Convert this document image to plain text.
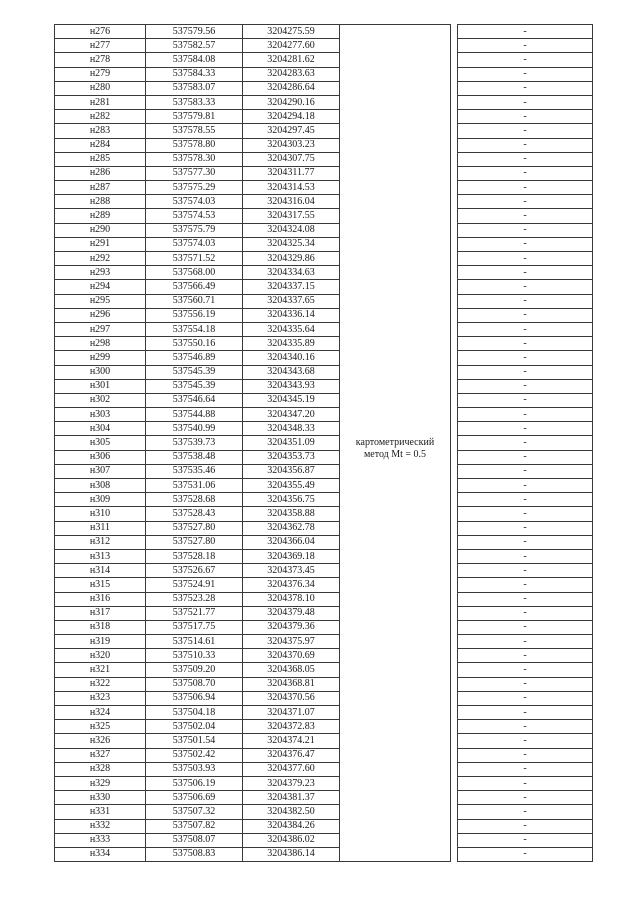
н276	537579.56	3204275.59			-
н277	537582.57	3204277.60			-
н278	537584.08	3204281.62			-
н279	537584.33	3204283.63			-
н280	537583.07	3204286.64			-
н281	537583.33	3204290.16			-
н282	537579.81	3204294.18			-
н283	537578.55	3204297.45			-
н284	537578.80	3204303.23			-
н285	537578.30	3204307.75			-
н286	537577.30	3204311.77			-
н287	537575.29	3204314.53			-
н288	537574.03	3204316.04			-
н289	537574.53	3204317.55			-
н290	537575.79	3204324.08			-
н291	537574.03	3204325.34			-
н292	537571.52	3204329.86			-
н293	537568.00	3204334.63			-
н294	537566.49	3204337.15			-
н295	537560.71	3204337.65			-
н296	537556.19	3204336.14			-
н297	537554.18	3204335.64			-
н298	537550.16	3204335.89			-
н299	537546.89	3204340.16			-
н300	537545.39	3204343.68			-
н301	537545.39	3204343.93			-
н302	537546.64	3204345.19			-
н303	537544.88	3204347.20			-
н304	537540.99	3204348.33			-
н305	537539.73	3204351.09	картометрический метод Mt = 0.5		-
н306	537538.48	3204353.73			-
н307	537535.46	3204356.87			-
н308	537531.06	3204355.49			-
н309	537528.68	3204356.75			-
н310	537528.43	3204358.88			-
н311	537527.80	3204362.78			-
н312	537527.80	3204366.04			-
н313	537528.18	3204369.18			-
н314	537526.67	3204373.45			-
н315	537524.91	3204376.34			-
н316	537523.28	3204378.10			-
н317	537521.77	3204379.48			-
н318	537517.75	3204379.36			-
н319	537514.61	3204375.97			-
н320	537510.33	3204370.69			-
н321	537509.20	3204368.05			-
н322	537508.70	3204368.81			-
н323	537506.94	3204370.56			-
н324	537504.18	3204371.07			-
н325	537502.04	3204372.83			-
н326	537501.54	3204374.21			-
н327	537502.42	3204376.47			-
н328	537503.93	3204377.60			-
н329	537506.19	3204379.23			-
н330	537506.69	3204381.37			-
н331	537507.32	3204382.50			-
н332	537507.82	3204384.26			-
н333	537508.07	3204386.02			-
н334	537508.83	3204386.14			-
